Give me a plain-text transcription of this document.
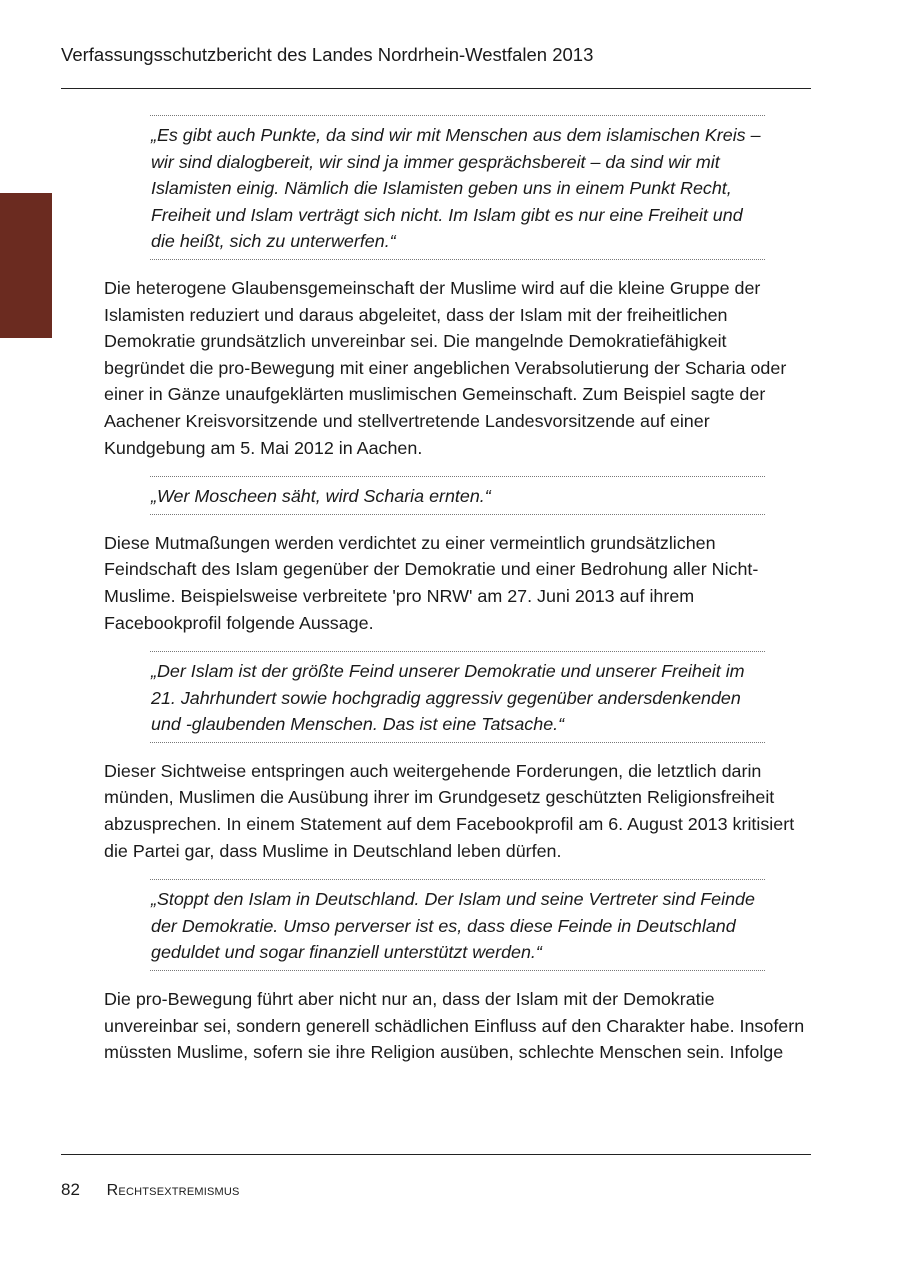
Verfassungsschutzbericht des Landes Nordrhein-Westfalen 2013
„Es gibt auch Punkte, da sind wir mit Menschen aus dem islamischen Kreis – wir sind dialogbereit, wir sind ja immer gesprächsbereit – da sind wir mit Islamisten einig. Nämlich die Islamisten geben uns in einem Punkt Recht, Freiheit und Islam verträgt sich nicht. Im Islam gibt es nur eine Freiheit und die heißt, sich zu unterwerfen.“

Die heterogene Glaubensgemeinschaft der Muslime wird auf die kleine Gruppe der Islamisten reduziert und daraus abgeleitet, dass der Islam mit der freiheitlichen Demokratie grundsätzlich unvereinbar sei. Die mangelnde Demokratiefähigkeit begründet die pro-Bewegung mit einer angeblichen Verabsolutierung der Scharia oder einer in Gänze unaufgeklärten muslimischen Gemeinschaft. Zum Beispiel sagte der Aachener Kreisvorsitzende und stellvertretende Landesvorsitzende auf einer Kundgebung am 5. Mai 2012 in Aachen.

„Wer Moscheen säht, wird Scharia ernten.“

Diese Mutmaßungen werden verdichtet zu einer vermeintlich grundsätzlichen Feindschaft des Islam gegenüber der Demokratie und einer Bedrohung aller Nicht-Muslime. Beispielsweise verbreitete 'pro NRW' am 27. Juni 2013 auf ihrem Facebookprofil folgende Aussage.

„Der Islam ist der größte Feind unserer Demokratie und unserer Freiheit im 21. Jahrhundert sowie hochgradig aggressiv gegenüber andersdenkenden und -glaubenden Menschen. Das ist eine Tatsache.“

Dieser Sichtweise entspringen auch weitergehende Forderungen, die letztlich darin münden, Muslimen die Ausübung ihrer im Grundgesetz geschützten Religionsfreiheit abzusprechen. In einem Statement auf dem Facebookprofil am 6. August 2013 kritisiert die Partei gar, dass Muslime in Deutschland leben dürfen.

„Stoppt den Islam in Deutschland. Der Islam und seine Vertreter sind Feinde der Demokratie. Umso perverser ist es, dass diese Feinde in Deutschland geduldet und sogar finanziell unterstützt werden.“

Die pro-Bewegung führt aber nicht nur an, dass der Islam mit der Demokratie unvereinbar sei, sondern generell schädlichen Einfluss auf den Charakter habe. Insofern müssten Muslime, sofern sie ihre Religion ausüben, schlechte Menschen sein. Infolge

82 Rechtsextremismus
